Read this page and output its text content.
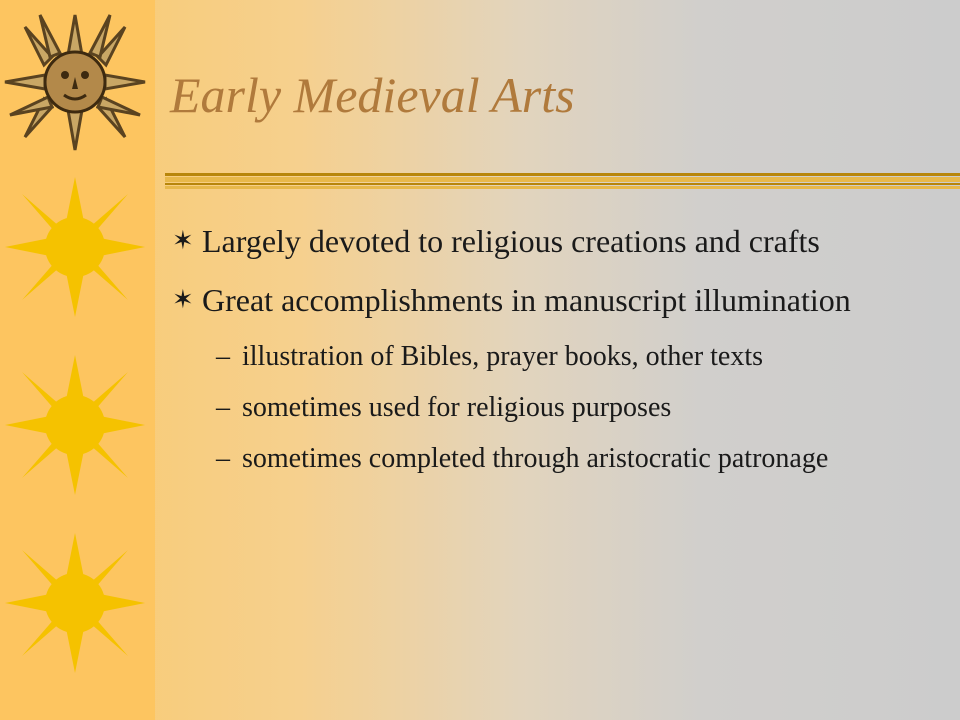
Early Medieval Arts
✶ Largely devoted to religious creations and crafts
✶ Great accomplishments in manuscript illumination
– illustration of Bibles, prayer books, other texts
– sometimes used for religious purposes
– sometimes completed through aristocratic patronage
